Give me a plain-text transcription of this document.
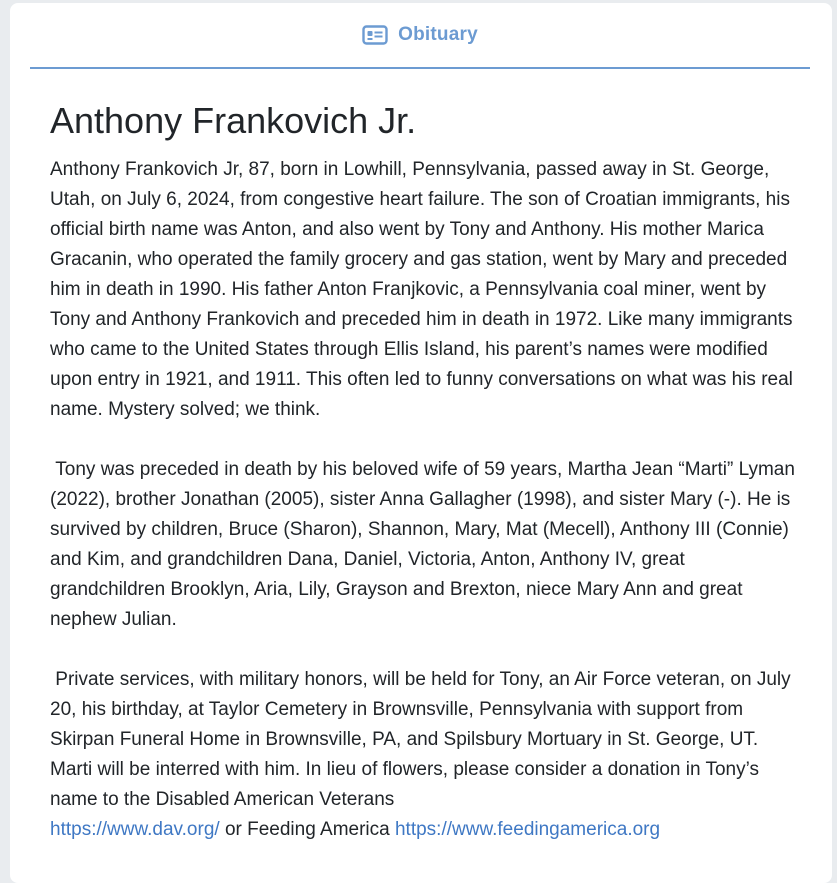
Obituary
Anthony Frankovich Jr.

Anthony Frankovich Jr, 87, born in Lowhill, Pennsylvania, passed away in St. George, Utah, on July 6, 2024, from congestive heart failure. The son of Croatian immigrants, his official birth name was Anton, and also went by Tony and Anthony. His mother Marica Gracanin, who operated the family grocery and gas station, went by Mary and preceded him in death in 1990. His father Anton Franjkovic, a Pennsylvania coal miner, went by Tony and Anthony Frankovich and preceded him in death in 1972. Like many immigrants who came to the United States through Ellis Island, his parent’s names were modified upon entry in 1921, and 1911. This often led to funny conversations on what was his real name. Mystery solved; we think.

Tony was preceded in death by his beloved wife of 59 years, Martha Jean “Marti” Lyman (2022), brother Jonathan (2005), sister Anna Gallagher (1998), and sister Mary (-). He is survived by children, Bruce (Sharon), Shannon, Mary, Mat (Mecell), Anthony III (Connie) and Kim, and grandchildren Dana, Daniel, Victoria, Anton, Anthony IV, great grandchildren Brooklyn, Aria, Lily, Grayson and Brexton, niece Mary Ann and great nephew Julian.

Private services, with military honors, will be held for Tony, an Air Force veteran, on July 20, his birthday, at Taylor Cemetery in Brownsville, Pennsylvania with support from Skirpan Funeral Home in Brownsville, PA, and Spilsbury Mortuary in St. George, UT. Marti will be interred with him. In lieu of flowers, please consider a donation in Tony’s name to the Disabled American Veterans
https://www.dav.org/ or Feeding America https://www.feedingamerica.org
